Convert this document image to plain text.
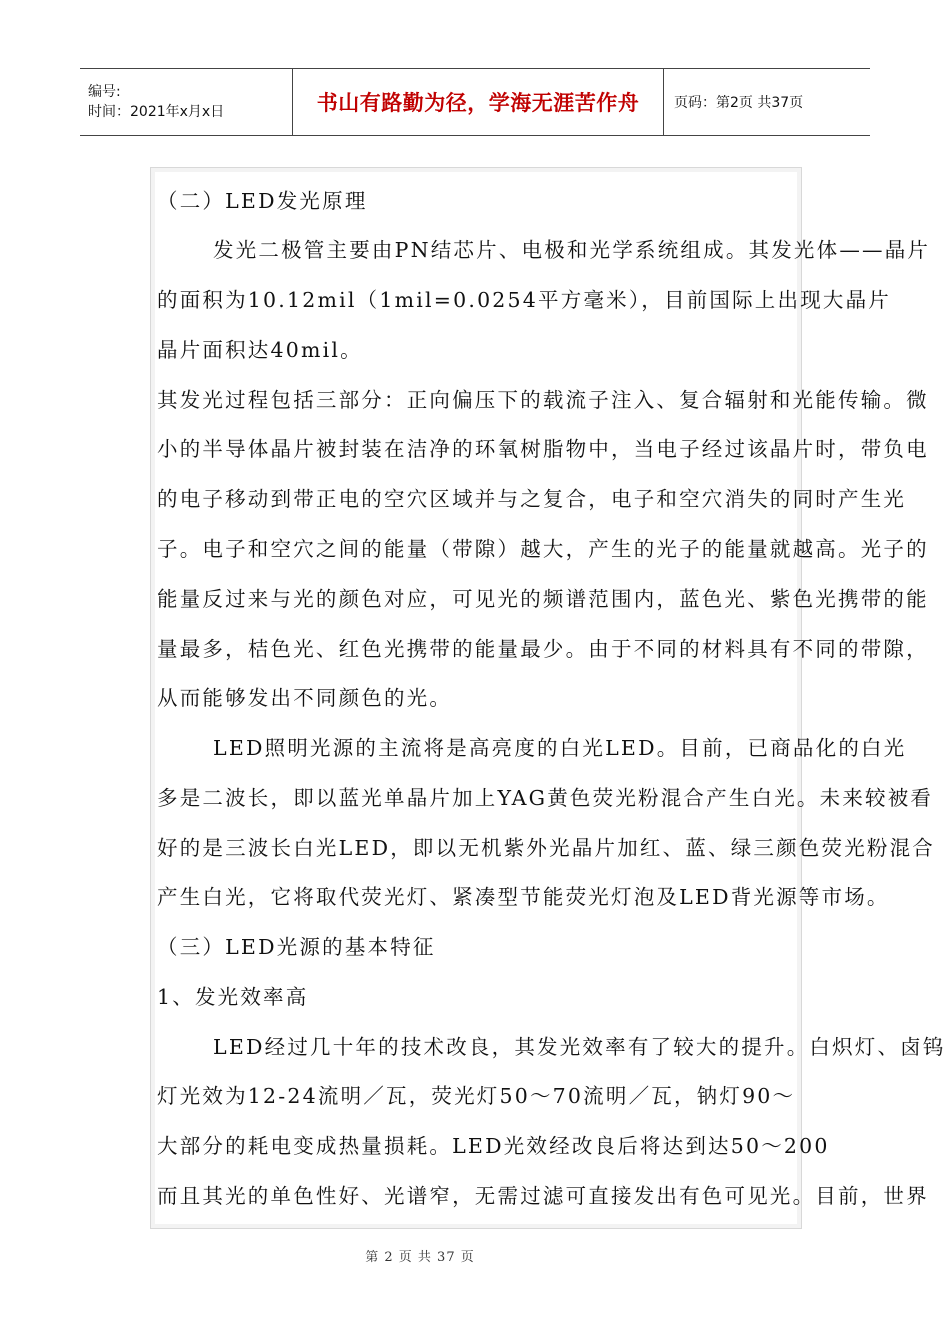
编号:
时间：2021年x月x日	书山有路勤为径，学海无涯苦作舟	页码：第2页 共37页
（二）LED发光原理
发光二极管主要由PN结芯片、电极和光学系统组成。其发光体——晶片
的面积为10.12mil（1mil=0.0254平方毫米），目前国际上出现大晶片
晶片面积达40mil。
其发光过程包括三部分：正向偏压下的载流子注入、复合辐射和光能传输。微
小的半导体晶片被封装在洁净的环氧树脂物中，当电子经过该晶片时，带负电
的电子移动到带正电的空穴区域并与之复合，电子和空穴消失的同时产生光
子。电子和空穴之间的能量（带隙）越大，产生的光子的能量就越高。光子的
能量反过来与光的颜色对应，可见光的频谱范围内，蓝色光、紫色光携带的能
量最多，桔色光、红色光携带的能量最少。由于不同的材料具有不同的带隙，
从而能够发出不同颜色的光。
LED照明光源的主流将是高亮度的白光LED。目前，已商品化的白光
多是二波长，即以蓝光单晶片加上YAG黄色荧光粉混合产生白光。未来较被看
好的是三波长白光LED，即以无机紫外光晶片加红、蓝、绿三颜色荧光粉混合
产生白光，它将取代荧光灯、紧凑型节能荧光灯泡及LED背光源等市场。
（三）LED光源的基本特征
1、发光效率高
LED经过几十年的技术改良，其发光效率有了较大的提升。白炽灯、卤钨
灯光效为12-24流明／瓦，荧光灯50～70流明／瓦，钠灯90～
大部分的耗电变成热量损耗。LED光效经改良后将达到达50～200
而且其光的单色性好、光谱窄，无需过滤可直接发出有色可见光。目前，世界
第 2 页 共 37 页
